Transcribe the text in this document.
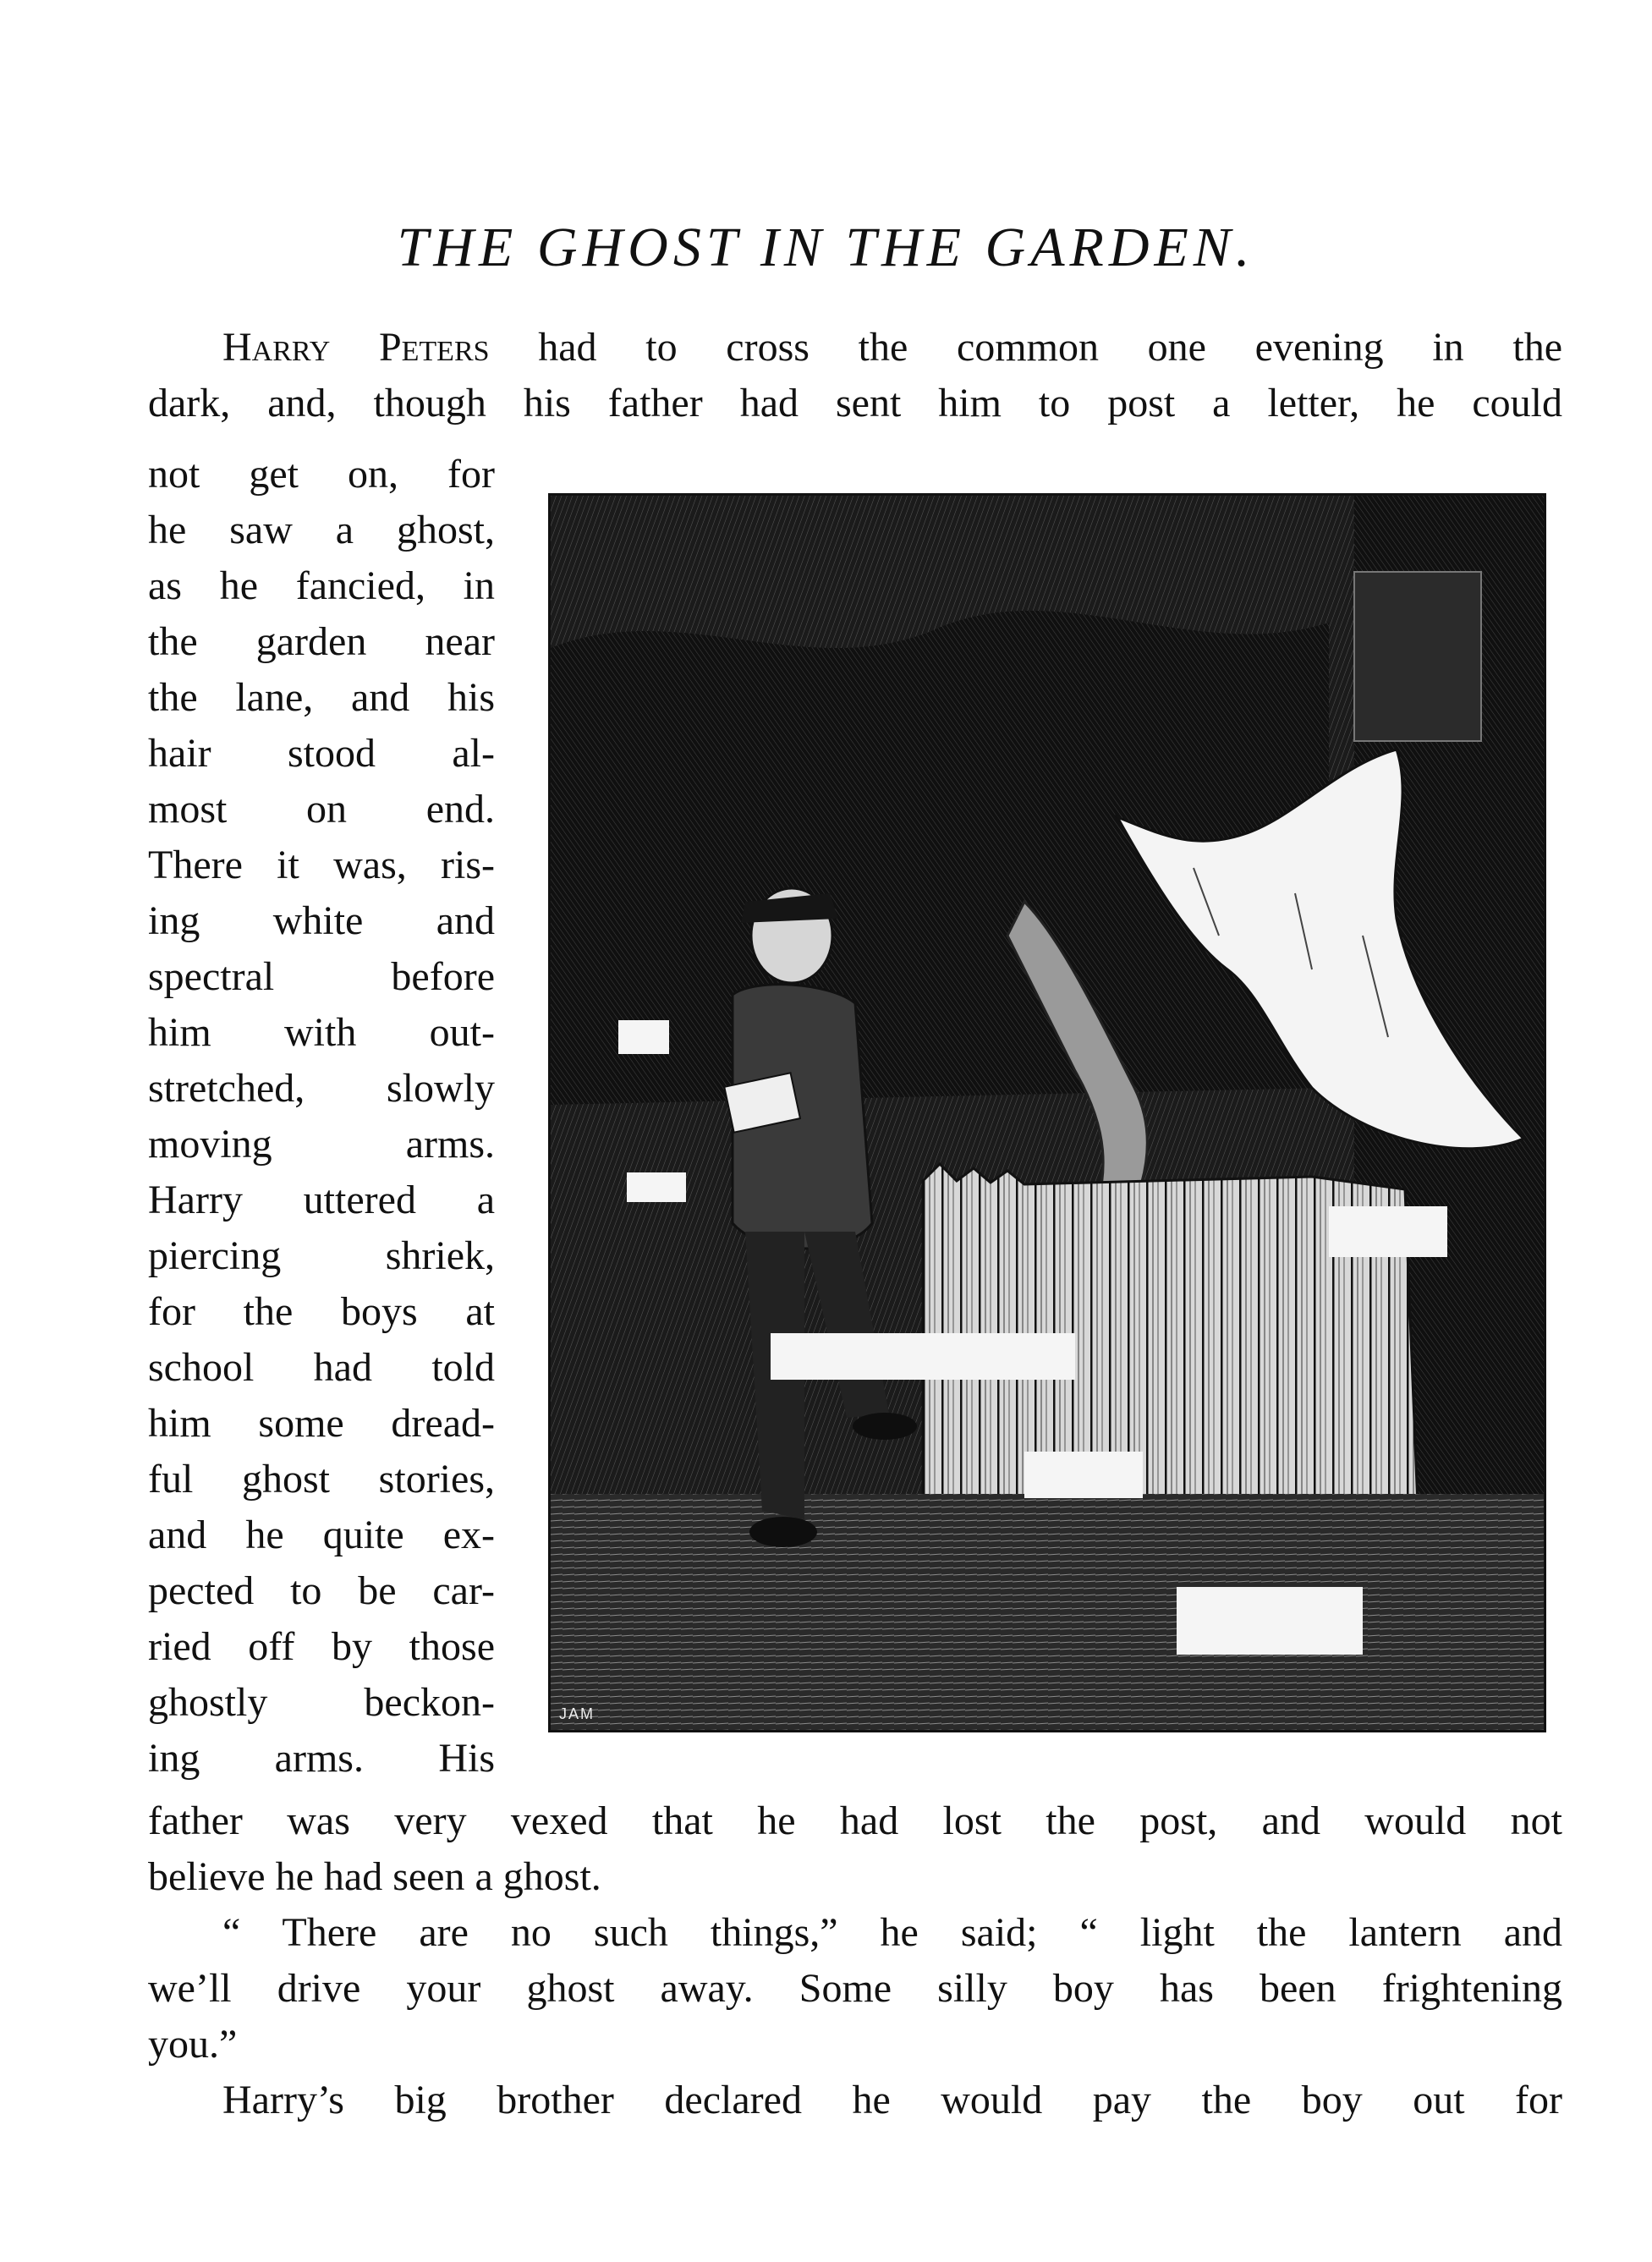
THE GHOST IN THE GARDEN.
Harry Peters had to cross the common one evening in the
dark, and, though his father had sent him to post a letter, he could
not get on, for
he saw a ghost,
as he fancied, in
the garden near
the lane, and his
hair stood al-
most on end.
There it was, ris-
ing white and
spectral before
him with out-
stretched, slowly
moving arms.
Harry uttered a
piercing shriek,
for the boys at
school had told
him some dread-
ful ghost stories,
and he quite ex-
pected to be car-
ried off by those
ghostly beckon-
ing arms. His
JAM
father was very vexed that he had lost the post, and would not
believe he had seen a ghost.
“ There are no such things,” he said; “ light the lantern and
we’ll drive your ghost away. Some silly boy has been frightening
you.”
Harry’s big brother declared he would pay the boy out for
